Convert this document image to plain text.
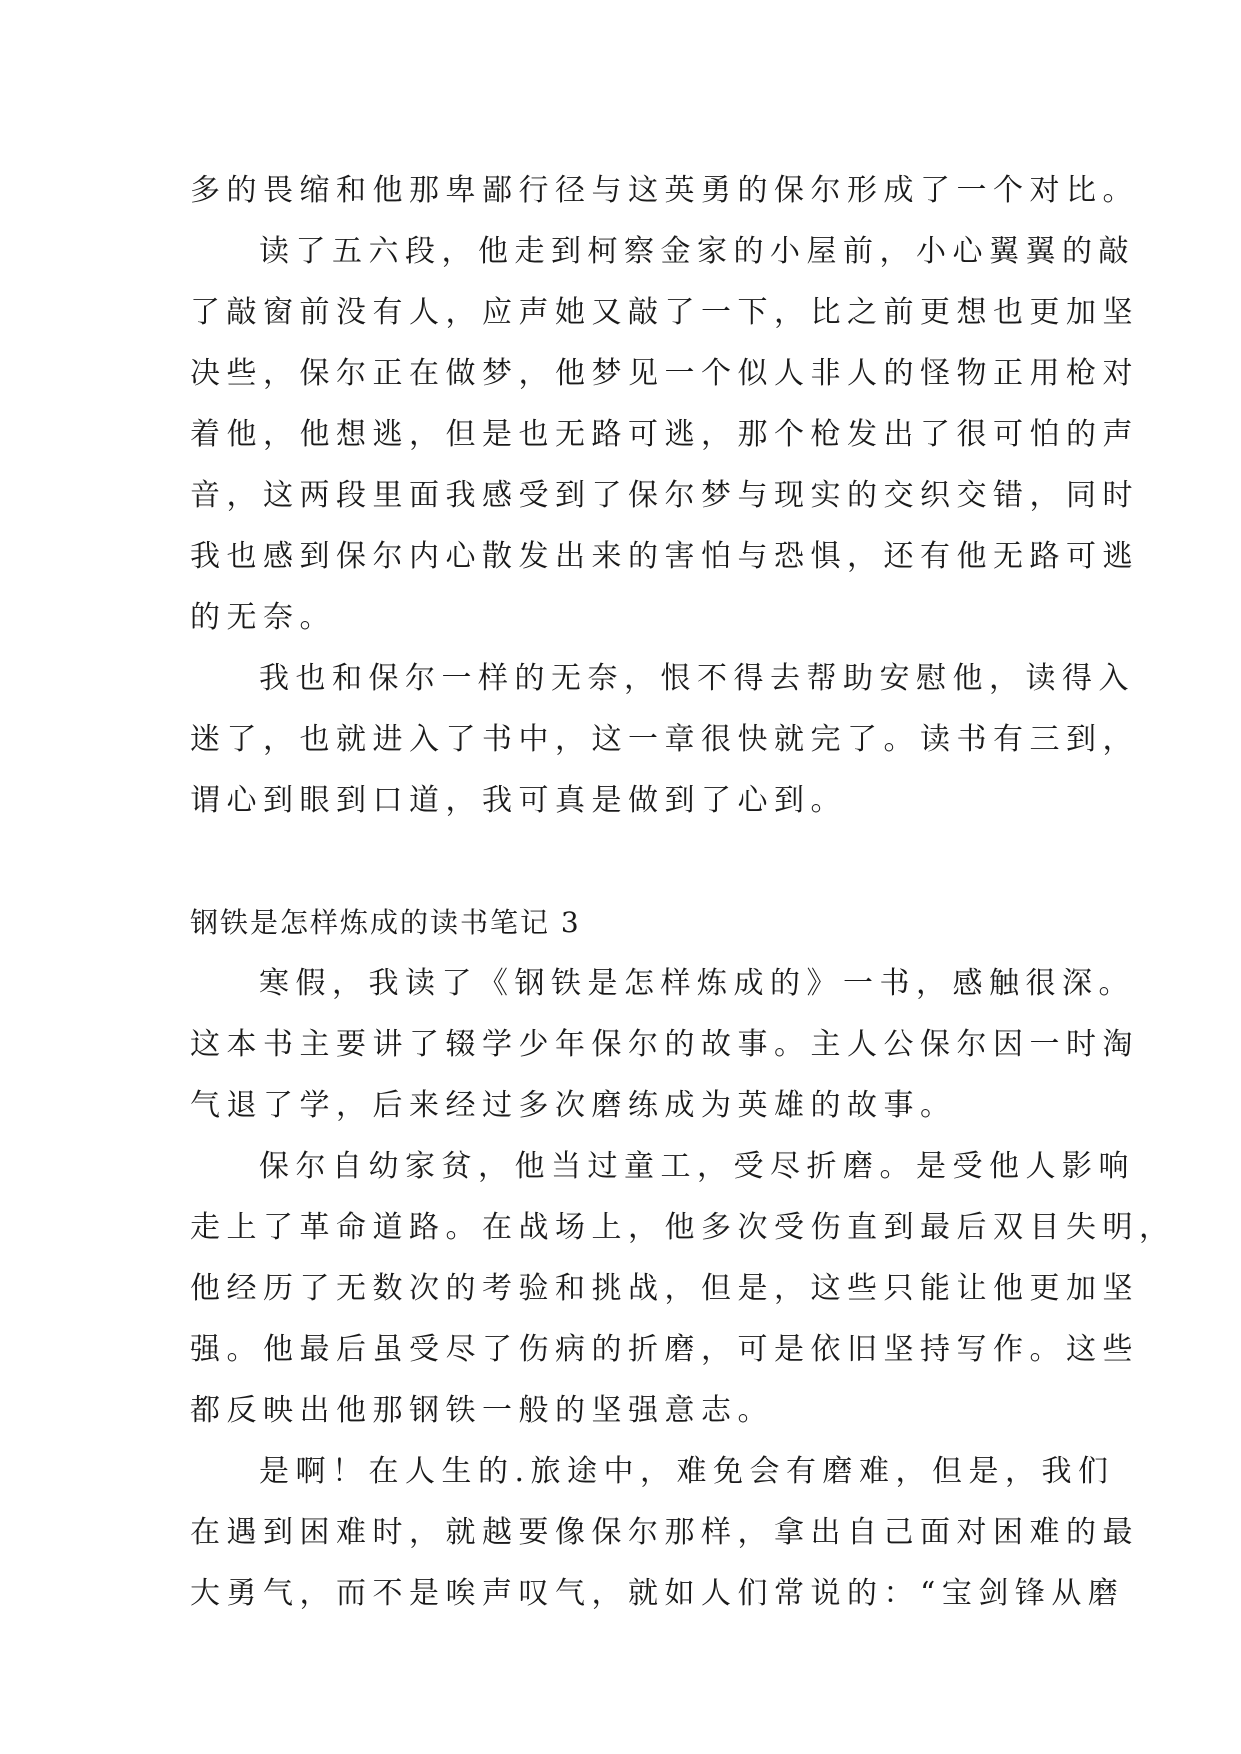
多的畏缩和他那卑鄙行径与这英勇的保尔形成了一个对比。
读了五六段，他走到柯察金家的小屋前，小心翼翼的敲
了敲窗前没有人，应声她又敲了一下，比之前更想也更加坚
决些，保尔正在做梦，他梦见一个似人非人的怪物正用枪对
着他，他想逃，但是也无路可逃，那个枪发出了很可怕的声
音，这两段里面我感受到了保尔梦与现实的交织交错，同时
我也感到保尔内心散发出来的害怕与恐惧，还有他无路可逃
的无奈。
我也和保尔一样的无奈，恨不得去帮助安慰他，读得入
迷了，也就进入了书中，这一章很快就完了。读书有三到，
谓心到眼到口道，我可真是做到了心到。
钢铁是怎样炼成的读书笔记 3
寒假，我读了《钢铁是怎样炼成的》一书，感触很深。
这本书主要讲了辍学少年保尔的故事。主人公保尔因一时淘
气退了学，后来经过多次磨练成为英雄的故事。
保尔自幼家贫，他当过童工，受尽折磨。是受他人影响
走上了革命道路。在战场上，他多次受伤直到最后双目失明，
他经历了无数次的考验和挑战，但是，这些只能让他更加坚
强。他最后虽受尽了伤病的折磨，可是依旧坚持写作。这些
都反映出他那钢铁一般的坚强意志。
是啊！在人生的.旅途中，难免会有磨难，但是，我们
在遇到困难时，就越要像保尔那样，拿出自己面对困难的最
大勇气，而不是唉声叹气，就如人们常说的：“宝剑锋从磨
